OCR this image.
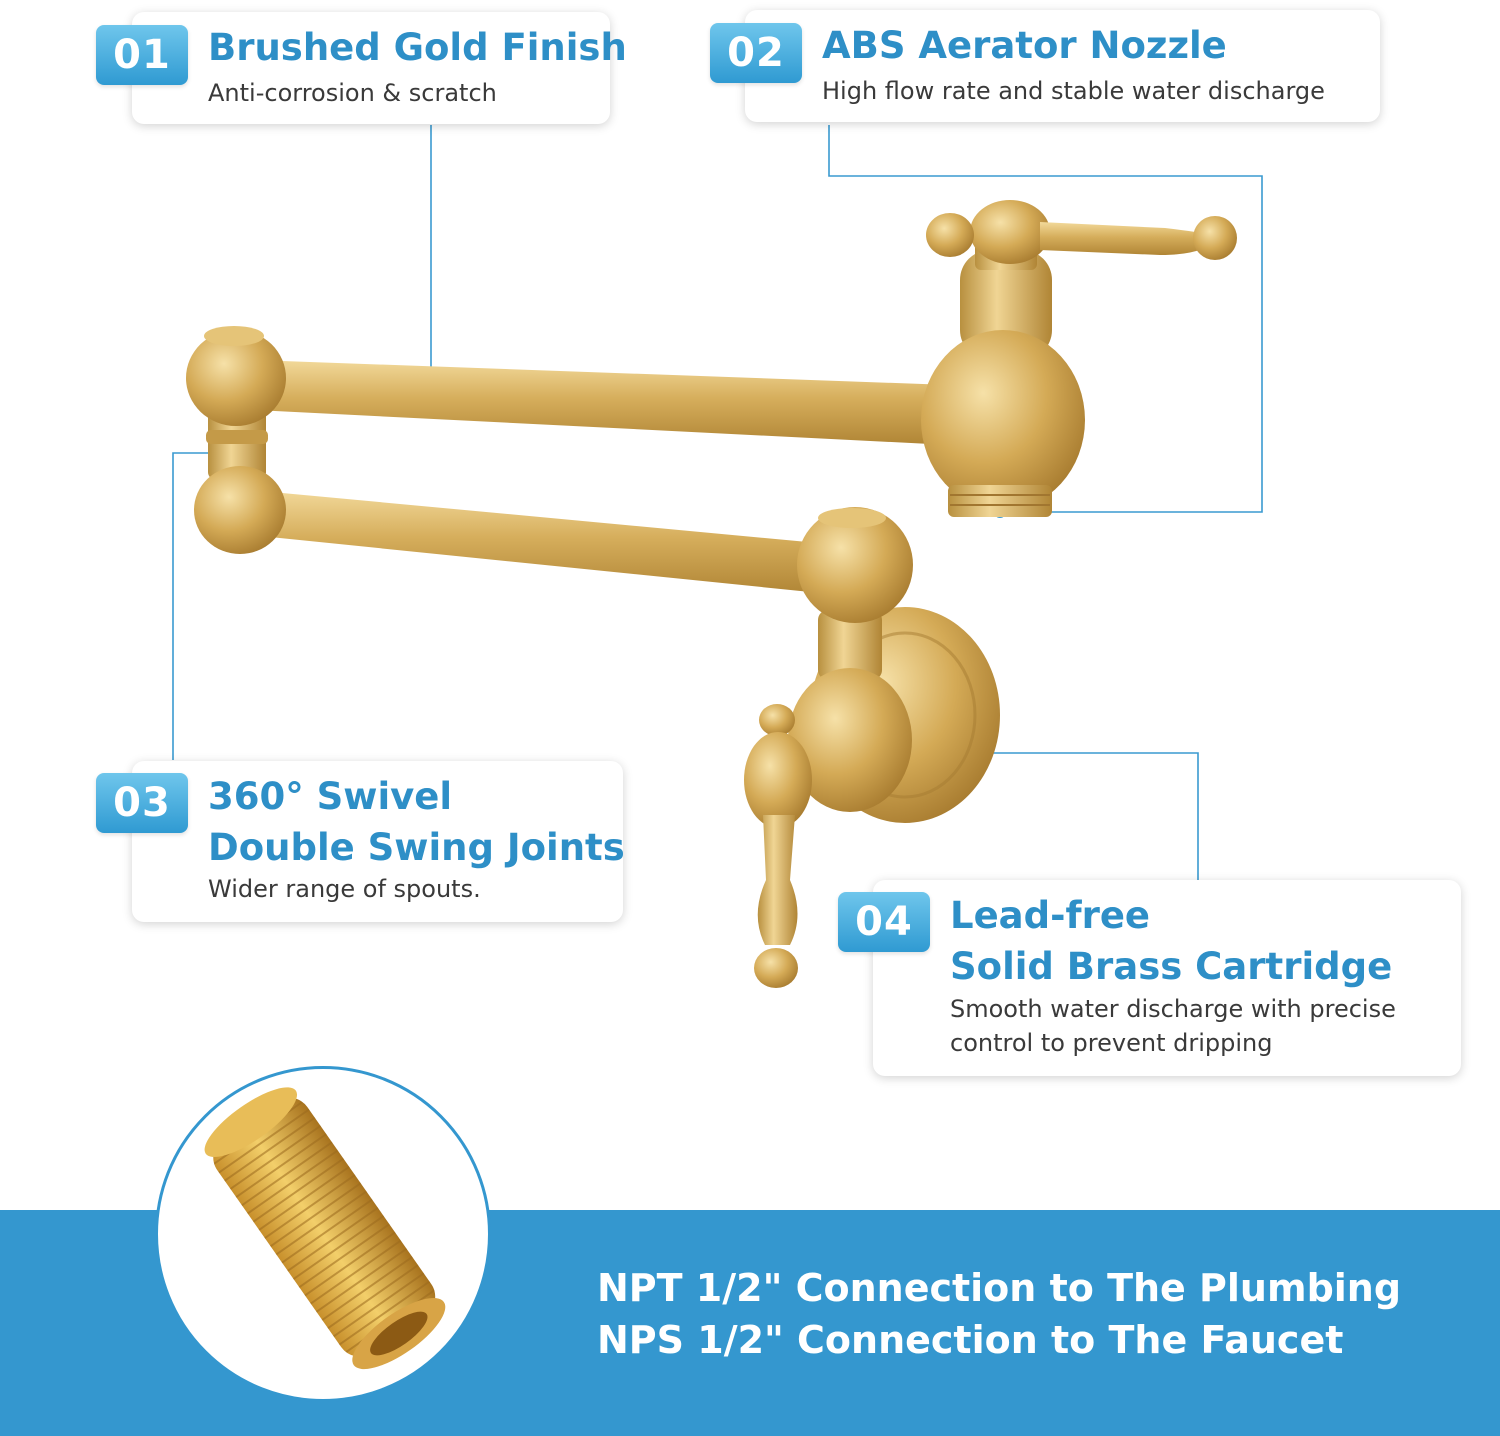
01	Brushed Gold Finish
Anti-corrosion & scratch
02	ABS Aerator Nozzle
High flow rate and stable water discharge
03	360° Swivel
Double Swing Joints
Wider range of spouts.
04	Lead-free
Solid Brass Cartridge
Smooth water discharge with precise
control to prevent dripping
NPT 1/2" Connection to The Plumbing
NPS 1/2" Connection to The Faucet
